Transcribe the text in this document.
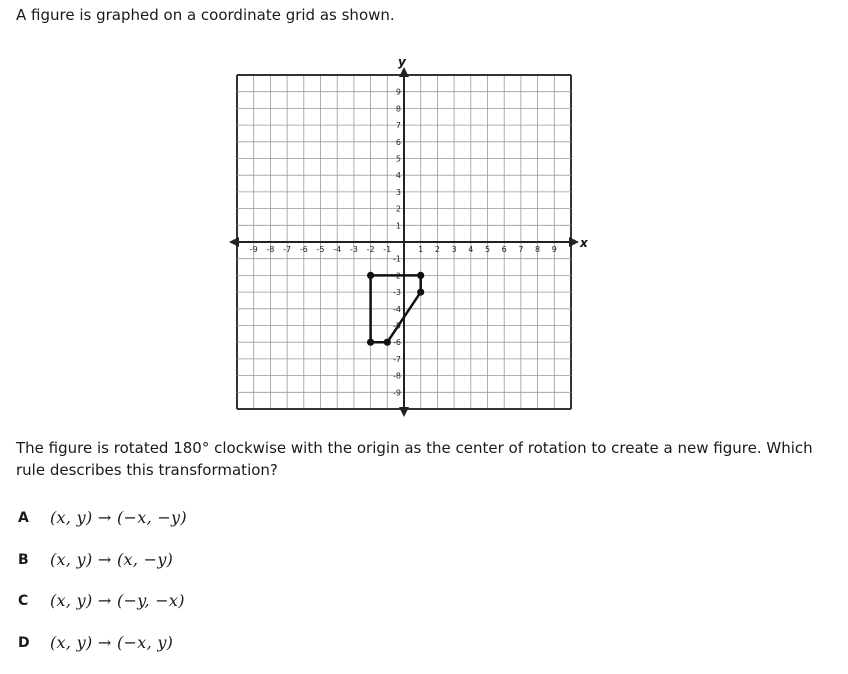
A figure is graphed on a coordinate grid as shown.

-9 -8 -7 -6 -5 -4 -3 -2 -1	1 2 3 4 5 6 7 8 9
9
8
7
6
5
4
3
2
1
-1
-2
-3
-4
-5
-6
-7
-8
-9
x
y

The figure is rotated 180° clockwise with the origin as the center of rotation to create a new figure. Which rule describes this transformation?

A	(x, y) → (−x, −y)
B	(x, y) → (x, −y)
C	(x, y) → (−y, −x)
D	(x, y) → (−x, y)
